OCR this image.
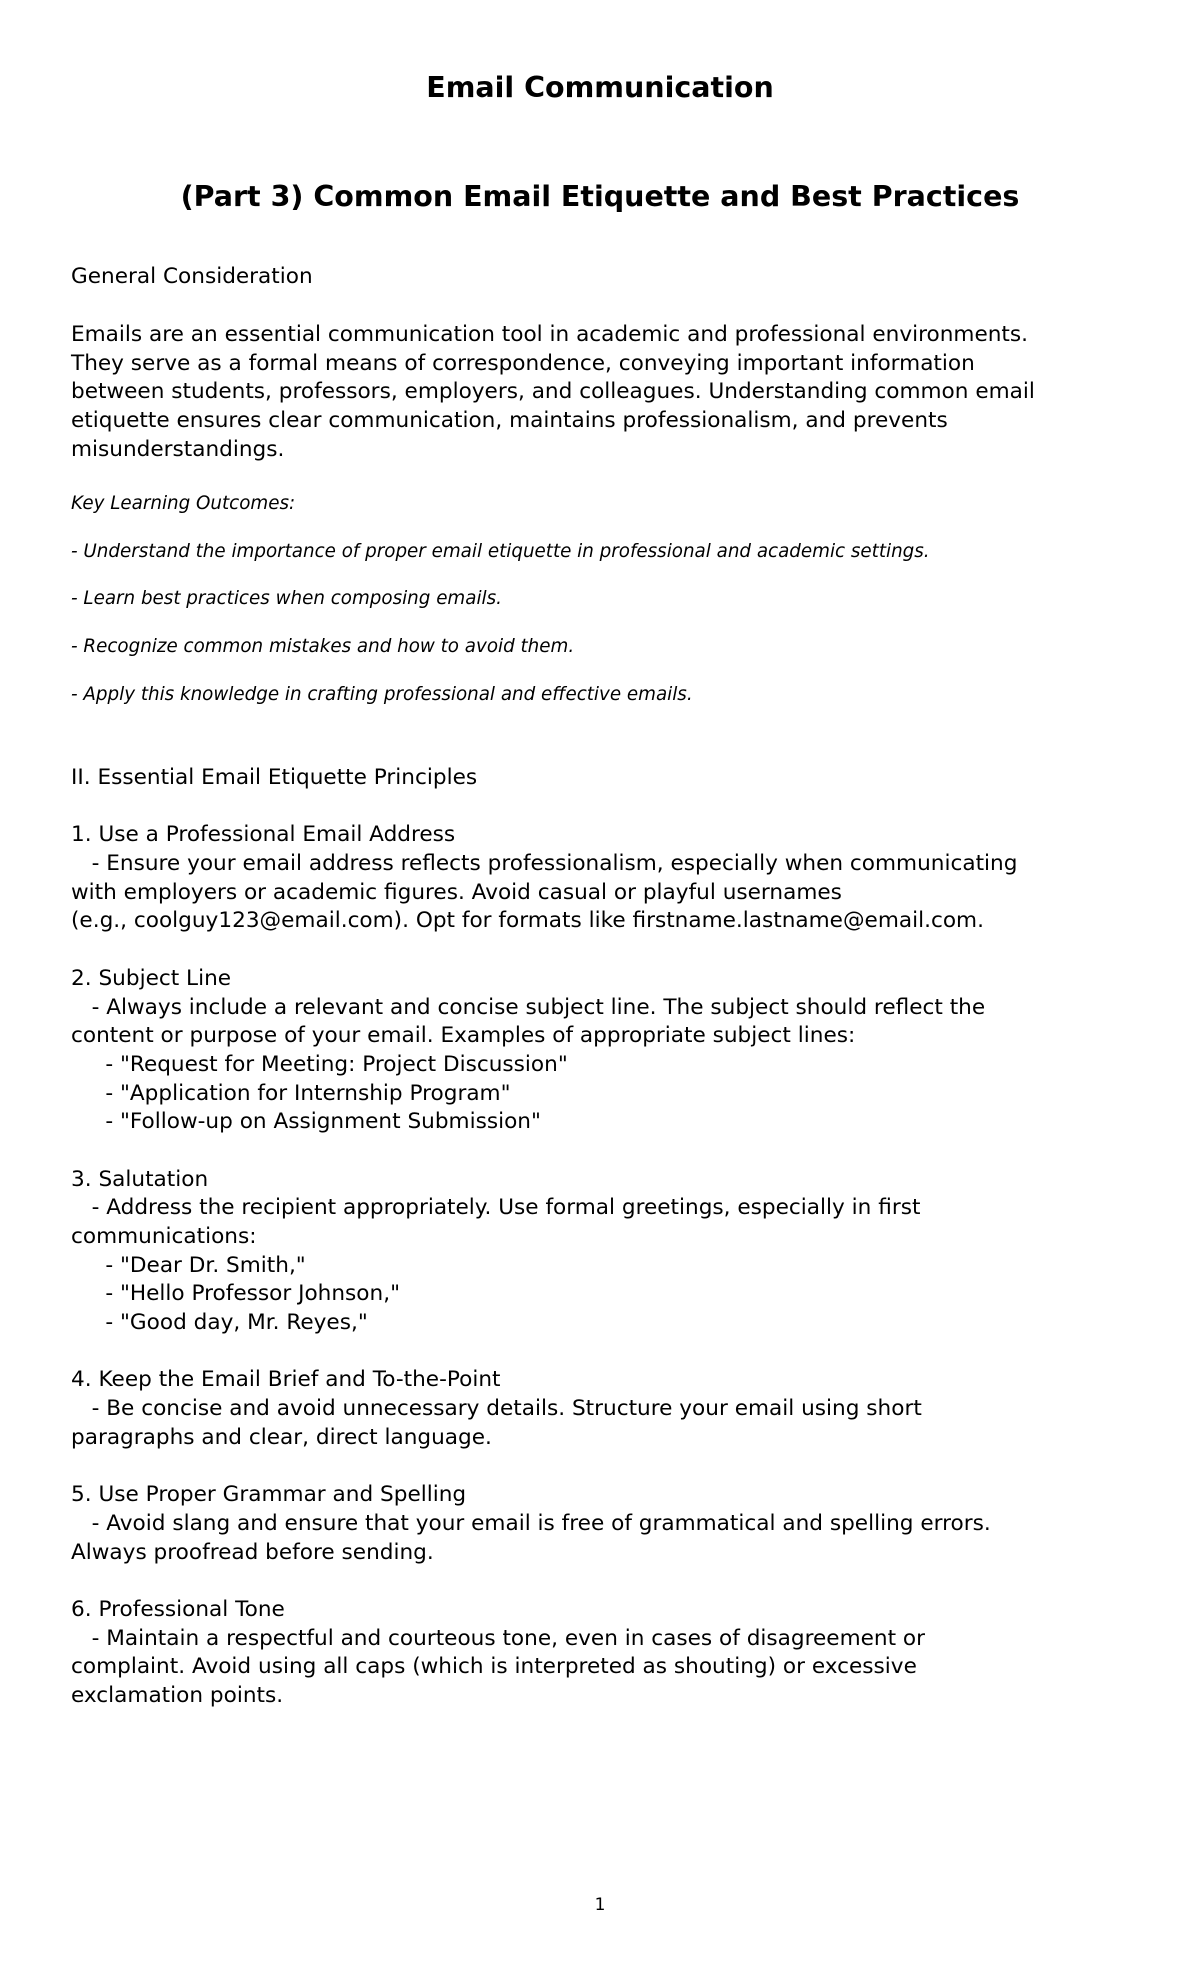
Email Communication
(Part 3) Common Email Etiquette and Best Practices
General Consideration
Emails are an essential communication tool in academic and professional environments.
They serve as a formal means of correspondence, conveying important information
between students, professors, employers, and colleagues. Understanding common email
etiquette ensures clear communication, maintains professionalism, and prevents
misunderstandings.
Key Learning Outcomes:
- Understand the importance of proper email etiquette in professional and academic settings.
- Learn best practices when composing emails.
- Recognize common mistakes and how to avoid them.
- Apply this knowledge in crafting professional and effective emails.
II. Essential Email Etiquette Principles
1. Use a Professional Email Address
- Ensure your email address reflects professionalism, especially when communicating
with employers or academic figures. Avoid casual or playful usernames
(e.g., coolguy123@email.com). Opt for formats like firstname.lastname@email.com.
2. Subject Line
- Always include a relevant and concise subject line. The subject should reflect the
content or purpose of your email. Examples of appropriate subject lines:
- "Request for Meeting: Project Discussion"
- "Application for Internship Program"
- "Follow-up on Assignment Submission"
3. Salutation
- Address the recipient appropriately. Use formal greetings, especially in first
communications:
- "Dear Dr. Smith,"
- "Hello Professor Johnson,"
- "Good day, Mr. Reyes,"
4. Keep the Email Brief and To-the-Point
- Be concise and avoid unnecessary details. Structure your email using short
paragraphs and clear, direct language.
5. Use Proper Grammar and Spelling
- Avoid slang and ensure that your email is free of grammatical and spelling errors.
Always proofread before sending.
6. Professional Tone
- Maintain a respectful and courteous tone, even in cases of disagreement or
complaint. Avoid using all caps (which is interpreted as shouting) or excessive
exclamation points.
1
